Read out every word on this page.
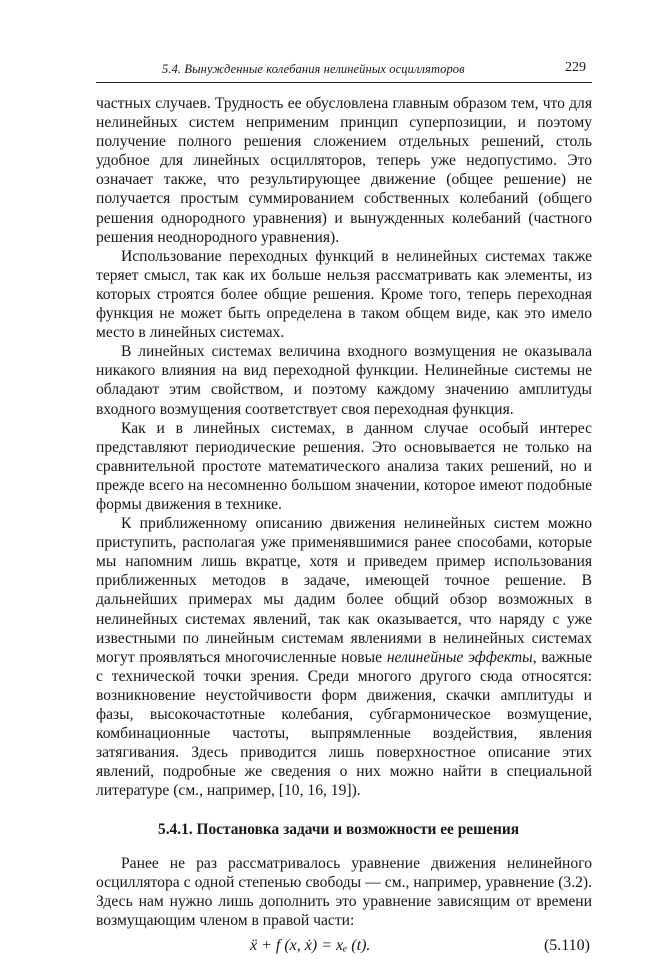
5.4. Вынужденные колебания нелинейных осцилляторов	229

частных случаев. Трудность ее обусловлена главным образом тем, что для нелинейных систем неприменим принцип суперпозиции, и поэтому получение полного решения сложением отдельных решений, столь удобное для линейных осцилляторов, теперь уже недопустимо. Это означает также, что результирующее движение (общее решение) не получается простым суммированием собственных колебаний (общего решения однородного уравнения) и вынужденных колебаний (частного решения неоднородного уравнения).

Использование переходных функций в нелинейных системах также теряет смысл, так как их больше нельзя рассматривать как элементы, из которых строятся более общие решения. Кроме того, теперь переходная функция не может быть определена в таком общем виде, как это имело место в линейных системах.

В линейных системах величина входного возмущения не оказывала никакого влияния на вид переходной функции. Нелинейные системы не обладают этим свойством, и поэтому каждому значению амплитуды входного возмущения соответствует своя переходная функция.

Как и в линейных системах, в данном случае особый интерес представляют периодические решения. Это основывается не только на сравнительной простоте математического анализа таких решений, но и прежде всего на несомненно большом значении, которое имеют подобные формы движения в технике.

К приближенному описанию движения нелинейных систем можно приступить, располагая уже применявшимися ранее способами, которые мы напомним лишь вкратце, хотя и приведем пример использования приближенных методов в задаче, имеющей точное решение. В дальнейших примерах мы дадим более общий обзор возможных в нелинейных системах явлений, так как оказывается, что наряду с уже известными по линейным системам явлениями в нелинейных системах могут проявляться многочисленные новые нелинейные эффекты, важные с технической точки зрения. Среди многого другого сюда относятся: возникновение неустойчивости форм движения, скачки амплитуды и фазы, высокочастотные колебания, субгармоническое возмущение, комбинационные частоты, выпрямленные воздействия, явления затягивания. Здесь приводится лишь поверхностное описание этих явлений, подробные же сведения о них можно найти в специальной литературе (см., например, [10, 16, 19]).

5.4.1. Постановка задачи и возможности ее решения

Ранее не раз рассматривалось уравнение движения нелинейного осциллятора с одной степенью свободы — см., например, уравнение (3.2). Здесь нам нужно лишь дополнить это уравнение зависящим от времени возмущающим членом в правой части:

ẍ + f (x, ẋ) = xₑ (t).	(5.110)
